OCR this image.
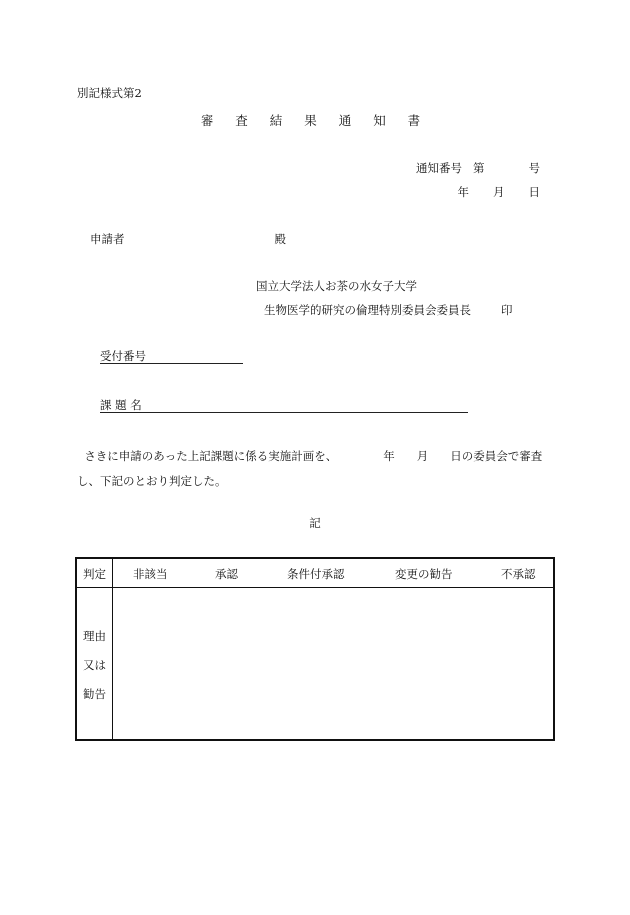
別記様式第2
審 査 結 果 通 知 書
通知番号 第	号
年 月 日
申請者	殿
国立大学法人お茶の水女子大学
生物医学的研究の倫理特別委員会委員長	印
受付番号
課 題 名
さきに申請のあった上記課題に係る実施計画を、	年 月 日の委員会で審査し、下記のとおり判定した。
記
判定 非該当	承認	条件付承認	変更の勧告	不承認
理由
又は
勧告
